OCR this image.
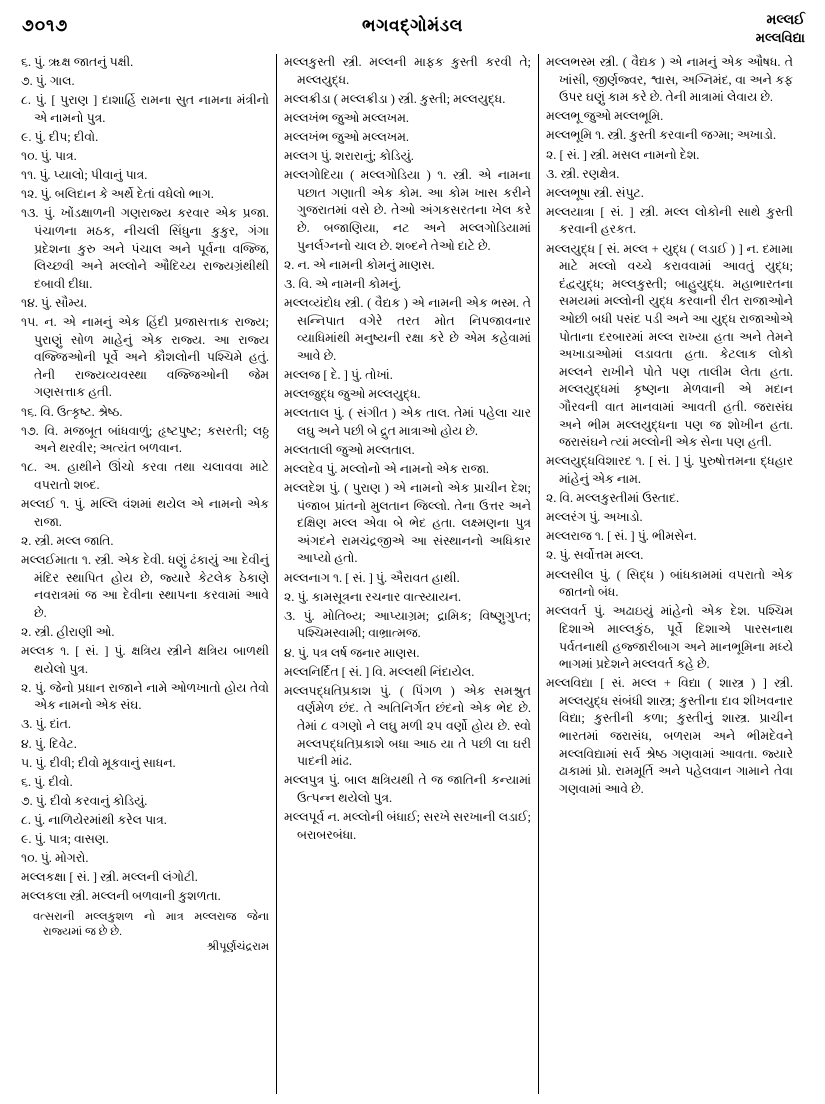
૭૦૧૭	ભગવદ્ગોમંડલ	મલ્લઈ
મલ્લવિદ્યા

૬. પું. ૠક્ષ જાતનું પક્ષી.

૭. પું. ગાલ.

૮. પું. [ પુરાણ ] દાશાર્હિ રામના સુત નામના મંત્રીનો એ નામનો પુત્ર.

૯. પું. દીપ; દીવો.

૧૦. પું. પાત્ર.

૧૧. પું. પ્યાલો; પીવાનું પાત્ર.

૧૨. પું. બલિદાન કે અર્થે દેતાં વધેલો ભાગ.

૧૩. પું. ખોંડક્ષાળની ગણરાજ્ય કરવાર એક પ્રજા. પંચાળના મઠક, નીચલી સિંધુના કુકુર, ગંગા પ્રદેશના કુરુ અને પંચાલ અને પૂર્વના વજ્જિ, લિચ્છવી અને મલ્લોને ઔદિચ્ય રાજ્યગ્રંથીથી દબાવી દીધા.

૧૪. પું. સૌમ્ય.

૧૫. ન. એ નામનું એક હિંદી પ્રજાસત્તાક રાજ્ય; પુરાણું સોળ માહેનું એક રાજ્ય. આ રાજ્ય વજ્જિઓની પૂર્વે અને કૌશલોની પશ્ચિમે હતું. તેની રાજ્યવ્યવસ્થા વજ્જિઓની જેમ ગણસત્તાક હતી.

૧૬. વિ. ઉત્કૃષ્ટ. શ્રેષ્ઠ.

૧૭. વિ. મજબૂત બાંધવાળું; હૃષ્ટપુષ્ટ; કસરતી; લઠ્ઠ અને થરવીર; અત્યંત બળવાન.

૧૮. અ. હાથીને ઊંચો કરવા તથા ચલાવવા માટે વપરાતો શબ્દ.

મલ્લઈ ૧. પું. મલ્લિ વંશમાં થયેલ એ નામનો એક રાજા.

૨. સ્ત્રી. મલ્લ જાતિ.

મલ્લઈમાતા ૧. સ્ત્રી. એક દેવી. ધણું ઢંકાયું આ દેવીનું મંદિર સ્થાપિત હોય છે, જ્યારે કેટલેક ઠેકાણે નવરાત્રમાં જ આ દેવીના સ્થાપના કરવામાં આવે છે.

૨. સ્ત્રી. હીરાણી ઓ.

મલ્લક ૧. [ સં. ] પું. ક્ષત્રિય સ્ત્રીને ક્ષત્રિય બાળથી થયેલો પુત્ર.

૨. પું. જેનો પ્રધાન રાજાને નામે ઓળખાતો હોય તેવો એક નામનો એક સંઘ.

૩. પું. દાંત.

૪. પું. દિવેટ.

૫. પું. દીવી; દીવો મૂકવાનું સાધન.

૬. પું. દીવો.

૭. પું. દીવો કરવાનું કોડિયું.

૮. પું. નાળિયેરમાંથી કરેલ પાત્ર.

૯. પું. પાત્ર; વાસણ.

૧૦. પું. મોગરો.

મલ્લકક્ષા [ સં. ] સ્ત્રી. મલ્લની લંગોટી.

મલ્લકલા સ્ત્રી. મલ્લની બળવાની કુશળતા.

વત્સરાની મલ્લકુશળ નો માત્ર મલ્લરાજ જેના રાજ્યમાં જ છે છે.
શ્રીપૂર્ણચંદ્રરામ

મલ્લકુસ્તી સ્ત્રી. મલ્લની માફક કુસ્તી કરવી તે; મલ્લયુદ્ધ.

મલ્લક્રીડા ( મલ્લક્રીડા ) સ્ત્રી. કુસ્તી; મલ્લયુદ્ધ.

મલ્લખંભ જુઓ મલ્લખમ.

મલ્લખંભ જુઓ મલ્લખમ.

મલ્લગ પું. શરારાનું; કોડિયું.

મલ્લગોદિયા ( મલ્લગોડિયા ) ૧. સ્ત્રી. એ નામના પછાત ગણાતી એક કોમ. આ કોમ ખાસ કરીને ગુજરાતમાં વસે છે. તેઓ અંગકસરતના ખેલ કરે છે. બજાણિયા, નટ અને મલ્લગોડિયામાં પુનર્લગ્નનો ચાલ છે. શબ્દને તેઓ દાટે છે.

૨. ન. એ નામની કોમનું માણસ.

૩. વિ. એ નામની કોમનું.

મલ્લવ્યંદોધ સ્ત્રી. ( વૈદ્યક ) એ નામની એક ભસ્મ. તે સન્નિપાત વગેરે તરત મોત નિપજાવનાર વ્યાધિમાંથી મનુષ્યની રક્ષા કરે છે એમ કહેવામાં આવે છે.

મલ્લજ [ દે. ] પું. તોખાં.

મલ્લજુદ્ધ જુઓ મલ્લયુદ્ધ.

મલ્લતાલ પું. ( સંગીત ) એક તાલ. તેમાં પહેલા ચાર લઘુ અને પછી બે દ્રુત માત્રાઓ હોય છે.

મલ્લતાલી જુઓ મલ્લતાલ.

મલ્લદેવ પું. મલ્લોનો એ નામનો એક રાજા.

મલ્લદેશ પું. ( પુરાણ ) એ નામનો એક પ્રાચીન દેશ; પંજાબ પ્રાંતનો મુલતાન જિલ્લો. તેના ઉત્તર અને દક્ષિણ મલ્લ એવા બે ભેદ હતા. લક્ષ્મણના પુત્ર અંગદને રામચંદ્રજીએ આ સંસ્થાનનો અધિકાર આપ્યો હતો.

મલ્લનાગ ૧. [ સં. ] પું. ઐરાવત હાથી.

૨. પું. કામસૂત્રના રચનાર વાત્સ્યાયન.

૩. પું. મોતિબ્ય; આપ્યાગ્રમ; દ્રામિક; વિષ્ણુગુપ્ત; પશ્ચિમસ્વામી; વાભ્રાત્મજ.

૪. પું. પત્ર લર્ષ જનાર માણસ.

મલ્લનિર્દિત [ સં. ] વિ. મલ્લથી નિંદાયેલ.

મલ્લપદ્ધતિપ્રકાશ પું. ( પિંગળ ) એક સમશ્રુત વર્ણમેળ છંદ. તે અતિનિર્ગત છંદનો એક ભેદ છે. તેમાં ૮ વગણો ને લઘુ મળી ૨૫ વર્ણો હોય છે. સ્વો મલ્લપદ્ધતિપ્રકાશે બધા આઠ યા તે પછી લા ઘરી પાદની માંઢ.

મલ્લપુત્ર પું. બાલ ક્ષત્રિયથી તે જ જાતિની કન્યામાં ઉત્પન્ન થયેલો પુત્ર.

મલ્લપૂર્વ ન. મલ્લોની બંધાઈ; સરખે સરખાની લડાઈ; બરાબરબંધા.

મલ્લભસ્મ સ્ત્રી. ( વૈદ્યક ) એ નામનું એક ઔષધ. તે ખાંસી, જીર્ણજ્વર, શ્વાસ, અગ્નિમંદ, વા અને કફ ઉપર ઘણું કામ કરે છે. તેની માત્રામાં લેવાય છે.

મલ્લભૂ જુઓ મલ્લભૂમિ.

મલ્લભૂમિ ૧. સ્ત્રી. કુસ્તી કરવાની જગ્મા; અખાડો.

૨. [ સં. ] સ્ત્રી. મસલ નામનો દેશ.

૩. સ્ત્રી. રણક્ષેત્ર.

મલ્લભૂષા સ્ત્રી. સંપુટ.

મલ્લયાત્રા [ સં. ] સ્ત્રી. મલ્લ લોકોની સાથે કુસ્તી કરવાની હરકત.

મલ્લયુદ્ધ [ સં. મલ્લ + યુદ્ધ ( લડાઈ ) ] ન. દમામા માટે મલ્લો વચ્ચે કરાવવામાં આવતું યુદ્ધ; દંદ્વયુદ્ધ; મલ્લકુસ્તી; બાહુયુદ્ધ. મહાભારતના સમયમાં મલ્લોની યુદ્ધ કરવાની રીત રાજાઓને ઓછી બધી પસંદ પડી અને આ યુદ્ધ રાજાઓએ પોતાના દરબારમાં મલ્લ રાખ્યા હતા અને તેમને અખાડાઓમાં લડાવતા હતા. કેટલાક લોકો મલ્લને રાખીને પોતે પણ તાલીમ લેતા હતા. મલ્લયુદ્ધમાં કૃષ્ણના મેળવાની એ મદાન ગૌરવની વાત માનવામાં આવતી હતી. જરાસંઘ અને ભીમ મલ્લયુદ્ધના પણ જ શોખીન હતા. જરાસંઘને ત્યાં મલ્લોની એક સેના પણ હતી.

મલ્લયુદ્ધવિશારદ ૧. [ સં. ] પું. પુરુષોત્તમના દ્ધહાર માંહેનું એક નામ.

૨. વિ. મલ્લકુસ્તીમાં ઉસ્તાદ.

મલ્લરંગ પું. અખાડો.

મલ્લરાજ ૧. [ સં. ] પું. ભીમસેન.

૨. પું. સર્વોત્તમ મલ્લ.

મલ્લસીલ પું. ( સિદ્ધ ) બાંધકામમાં વપરાતો એક જાતનો બંધ.

મલ્લવર્ત પું. અઢાઇયું માંહેનો એક દેશ. પશ્ચિમ દિશાએ માલ્લકુંઠ, પૂર્વે દિશાએ પારસનાથ પર્વતનાથી હજ્જારીબાગ અને માનભૂમિના મધ્યે ભાગમાં પ્રદેશને મલ્લવર્ત કહે છે.

મલ્લવિદ્યા [ સં. મલ્લ + વિદ્યા ( શાસ્ત્ર ) ] સ્ત્રી. મલ્લયુદ્ધ સંબંધી શાસ્ત્ર; કુસ્તીના દાવ શીખવનાર વિદ્યા; કુસ્તીની કળા; કુસ્તીનું શાસ્ત્ર. પ્રાચીન ભારતમાં જરાસંધ, બળરામ અને ભીમદેવને મલ્લવિદ્યામાં સર્વ શ્રેષ્ઠ ગણવામાં આવતા. જ્યારે ઢાકામાં પ્રો. રામમૂર્તિ અને પહેલવાન ગામાને તેવા ગણવામાં આવે છે.
